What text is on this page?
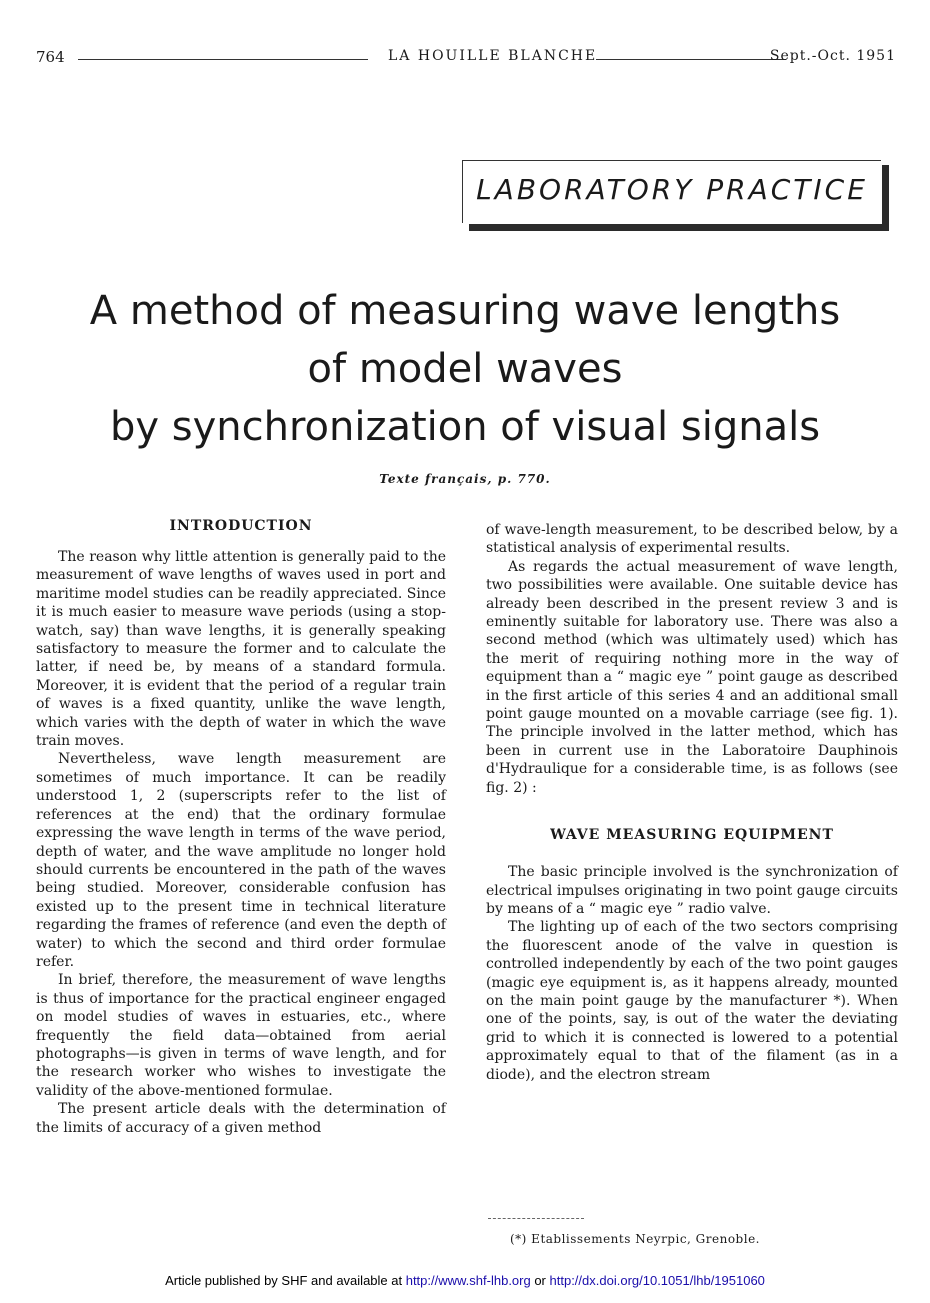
764	LA HOUILLE BLANCHE	Sept.-Oct. 1951
LABORATORY PRACTICE
A method of measuring wave lengths
of model waves
by synchronization of visual signals
Texte français, p. 770.
INTRODUCTION

The reason why little attention is generally paid to the measurement of wave lengths of waves used in port and maritime model studies can be readily appreciated. Since it is much easier to measure wave periods (using a stop-watch, say) than wave lengths, it is generally speaking satisfactory to measure the former and to calculate the latter, if need be, by means of a standard formula. Moreover, it is evident that the period of a regular train of waves is a fixed quantity, unlike the wave length, which varies with the depth of water in which the wave train moves.

Nevertheless, wave length measurement are sometimes of much importance. It can be readily understood 1, 2 (superscripts refer to the list of references at the end) that the ordinary formulae expressing the wave length in terms of the wave period, depth of water, and the wave amplitude no longer hold should currents be encountered in the path of the waves being studied. Moreover, considerable confusion has existed up to the present time in technical literature regarding the frames of reference (and even the depth of water) to which the second and third order formulae refer.

In brief, therefore, the measurement of wave lengths is thus of importance for the practical engineer engaged on model studies of waves in estuaries, etc., where frequently the field data—obtained from aerial photographs—is given in terms of wave length, and for the research worker who wishes to investigate the validity of the above-mentioned formulae.

The present article deals with the determination of the limits of accuracy of a given method

of wave-length measurement, to be described below, by a statistical analysis of experimental results.

As regards the actual measurement of wave length, two possibilities were available. One suitable device has already been described in the present review 3 and is eminently suitable for laboratory use. There was also a second method (which was ultimately used) which has the merit of requiring nothing more in the way of equipment than a “ magic eye ” point gauge as described in the first article of this series 4 and an additional small point gauge mounted on a movable carriage (see fig. 1). The principle involved in the latter method, which has been in current use in the Laboratoire Dauphinois d'Hydraulique for a considerable time, is as follows (see fig. 2) :

WAVE MEASURING EQUIPMENT

The basic principle involved is the synchronization of electrical impulses originating in two point gauge circuits by means of a “ magic eye ” radio valve.

The lighting up of each of the two sectors comprising the fluorescent anode of the valve in question is controlled independently by each of the two point gauges (magic eye equipment is, as it happens already, mounted on the main point gauge by the manufacturer *). When one of the points, say, is out of the water the deviating grid to which it is connected is lowered to a potential approximately equal to that of the filament (as in a diode), and the electron stream

(*) Etablissements Neyrpic, Grenoble.
Article published by SHF and available at http://www.shf-lhb.org or http://dx.doi.org/10.1051/lhb/1951060
